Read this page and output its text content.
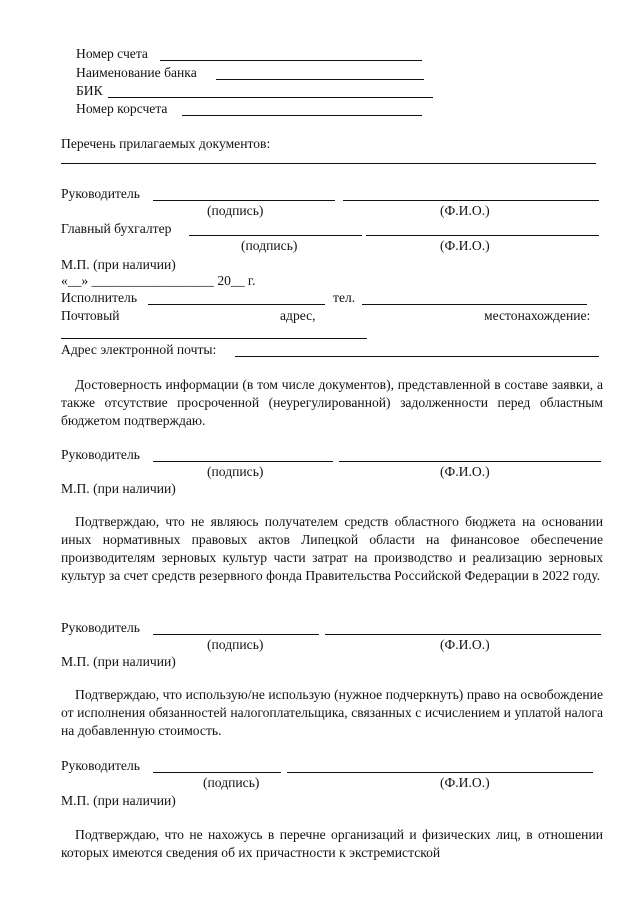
Номер счета
Наименование банка
БИК
Номер корсчета
Перечень прилагаемых документов:
Руководитель
(подпись)	(Ф.И.О.)
Главный бухгалтер
(подпись)	(Ф.И.О.)
М.П. (при наличии)
«__» __________________ 20__ г.
Исполнитель	тел.
Почтовый	адрес,	местонахождение:
Адрес электронной почты:
Достоверность информации (в том числе документов), представленной в составе заявки, а также отсутствие просроченной (неурегулированной) задолженности перед областным бюджетом подтверждаю.
Руководитель
(подпись)	(Ф.И.О.)
М.П. (при наличии)
Подтверждаю, что не являюсь получателем средств областного бюджета на основании иных нормативных правовых актов Липецкой области на финансовое обеспечение производителям зерновых культур части затрат на производство и реализацию зерновых культур за счет средств резервного фонда Правительства Российской Федерации в 2022 году.
Руководитель
(подпись)	(Ф.И.О.)
М.П. (при наличии)
Подтверждаю, что использую/не использую (нужное подчеркнуть) право на освобождение от исполнения обязанностей налогоплательщика, связанных с исчислением и уплатой налога на добавленную стоимость.
Руководитель
(подпись)	(Ф.И.О.)
М.П. (при наличии)
Подтверждаю, что не нахожусь в перечне организаций и физических лиц, в отношении которых имеются сведения об их причастности к экстремистской
